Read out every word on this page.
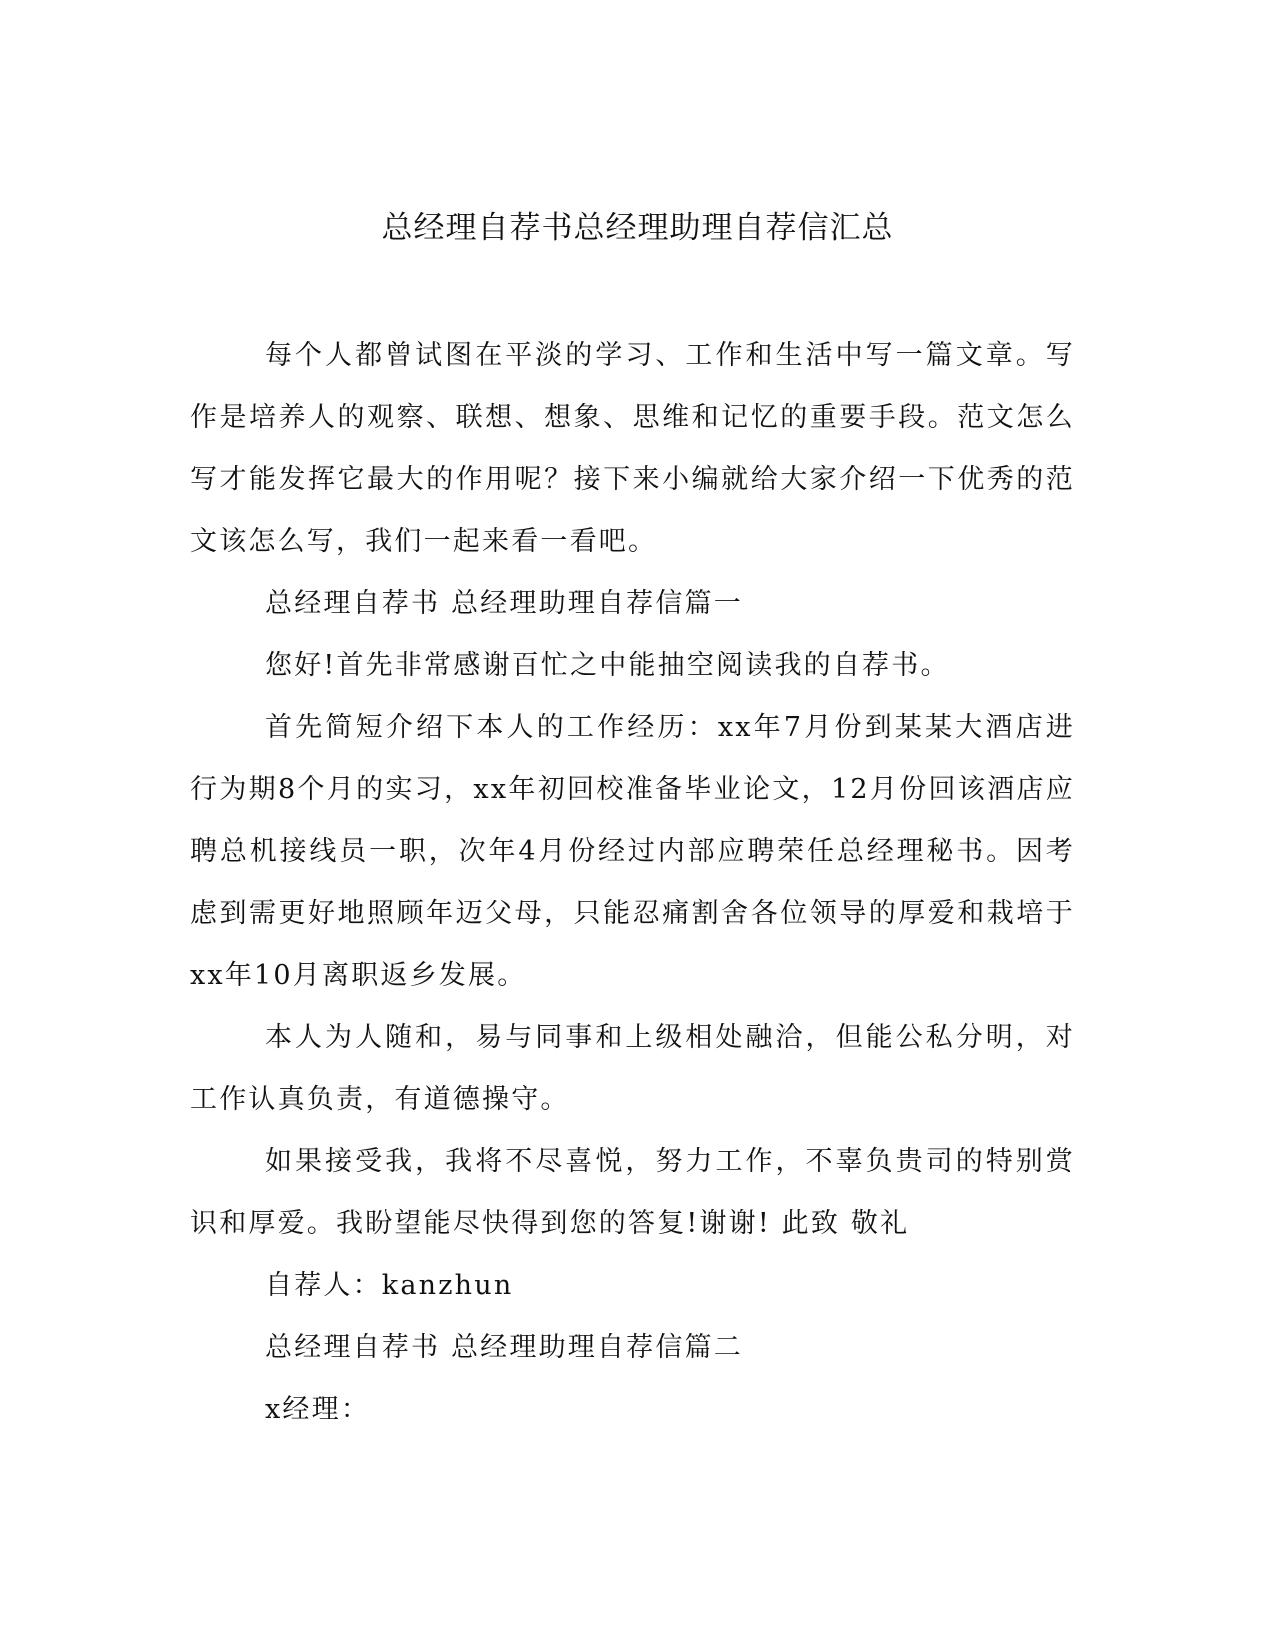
总经理自荐书总经理助理自荐信汇总

每个人都曾试图在平淡的学习、工作和生活中写一篇文章。写作是培养人的观察、联想、想象、思维和记忆的重要手段。范文怎么写才能发挥它最大的作用呢？接下来小编就给大家介绍一下优秀的范文该怎么写，我们一起来看一看吧。

总经理自荐书 总经理助理自荐信篇一

您好!首先非常感谢百忙之中能抽空阅读我的自荐书。

首先简短介绍下本人的工作经历：xx年7月份到某某大酒店进行为期8个月的实习，xx年初回校准备毕业论文，12月份回该酒店应聘总机接线员一职，次年4月份经过内部应聘荣任总经理秘书。因考虑到需更好地照顾年迈父母，只能忍痛割舍各位领导的厚爱和栽培于xx年10月离职返乡发展。

本人为人随和，易与同事和上级相处融洽，但能公私分明，对工作认真负责，有道德操守。

如果接受我，我将不尽喜悦，努力工作，不辜负贵司的特别赏识和厚爱。我盼望能尽快得到您的答复!谢谢! 此致 敬礼

自荐人：kanzhun

总经理自荐书 总经理助理自荐信篇二

x经理：
